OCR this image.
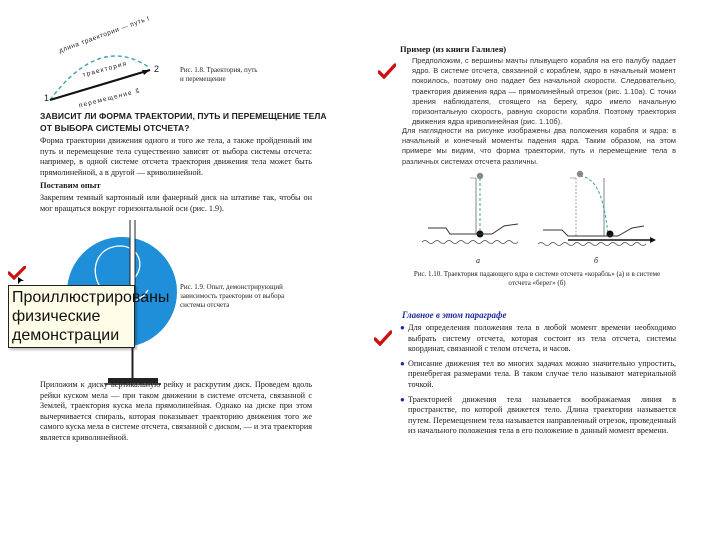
1
2
длина траектории — путь l
траектория
перемещение s⃗
Рис. 1.8. Траектория, путь и перемещение
ЗАВИСИТ ЛИ ФОРМА ТРАЕКТОРИИ, ПУТЬ И ПЕРЕМЕЩЕНИЕ ТЕЛА ОТ ВЫБОРА СИСТЕМЫ ОТСЧЕТА?
Форма траектории движения одного и того же тела, а также пройденный им путь и перемещение тела существенно зависят от выбора системы отсчета: например, в одной системе отсчета траектория движения тела может быть прямолинейной, а в другой — криволинейной.
Поставим опыт
Закрепим темный картонный или фанерный диск на штативе так, чтобы он мог вращаться вокруг горизонтальной оси (рис. 1.9).
Рис. 1.9. Опыт, демонстрирующий зависимость траектории от выбора системы отсчета
Приложим к диску вертикальную рейку и раскрутим диск. Проведем вдоль рейки куском мела — при таком движении в системе отсчета, связанной с Землей, траектория куска мела прямолинейная. Однако на диске при этом вычерчивается спираль, которая показывает траекторию движения того же самого куска мела в системе отсчета, связанной с диском, — и эта траектория является криволинейной.
Проиллюстрированы
физические
демонстрации
Пример (из книги Галилея)
Предположим, с вершины мачты плывущего корабля на его палубу падает ядро. В системе отсчета, связанной с кораблем, ядро в начальный момент покоилось, поэтому оно падает без начальной скорости. Следовательно, траектория движения ядра — прямолинейный отрезок (рис. 1.10а). С точки зрения наблюдателя, стоящего на берегу, ядро имело начальную горизонтальную скорость, равную скорости корабля. Поэтому траектория движения ядра криволинейная (рис. 1.10б).
Для наглядности на рисунке изображены два положения корабля и ядра: в начальный и конечный моменты падения ядра. Таким образом, на этом примере мы видим, что форма траектории, путь и перемещение тела в различных системах отсчета различны.
а	б
Рис. 1.10. Траектория падающего ядра в системе отсчета «корабль» (а) и в системе отсчета «берег» (б)
Главное в этом параграфе
● Для определения положения тела в любой момент времени необходимо выбрать систему отсчета, которая состоит из тела отсчета, системы координат, связанной с телом отсчета, и часов.
● Описание движения тел во многих задачах можно значительно упростить, пренебрегая размерами тела. В таком случае тело называют материальной точкой.
● Траекторией движения тела называется воображаемая линия в пространстве, по которой движется тело. Длина траектории называется путем. Перемещением тела называется направленный отрезок, проведенный из начального положения тела в его положение в данный момент времени.
